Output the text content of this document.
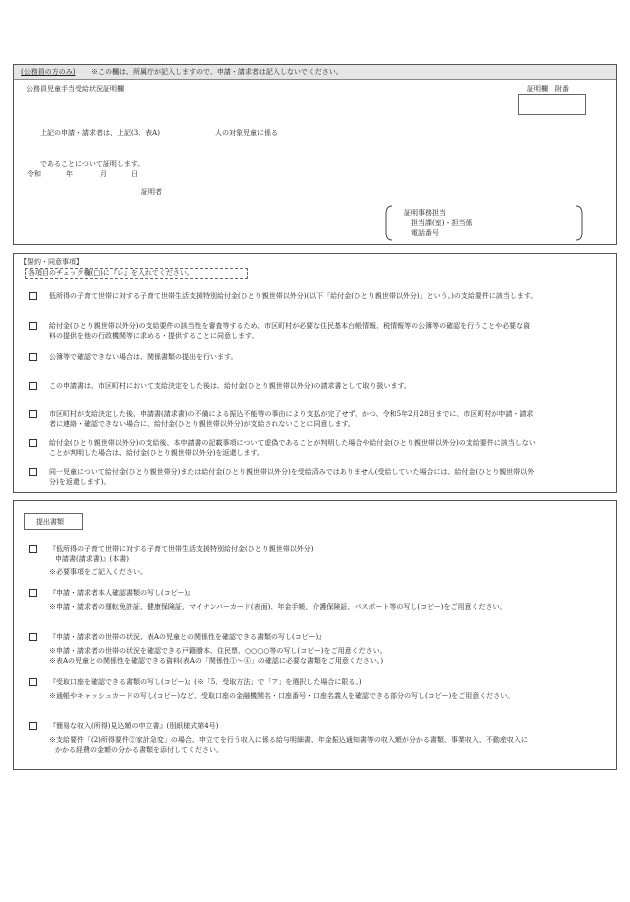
(公務員の方のみ) ※この欄は、所属庁が記入しますので、申請・請求者は記入しないでください。
公務員児童手当受給状況証明欄	証明欄　附番
上記の申請・請求者は、上記(3．表A)	人の対象児童に係る
であることについて証明します。
令和	年	月	日
証明者
証明事務担当
担当課(室)・担当係
電話番号
【誓約・同意事項】
各項目のチェック欄(□)に『レ』を入れてください。
低所得の子育て世帯に対する子育て世帯生活支援特別給付金(ひとり親世帯以外分)(以下「給付金(ひとり親世帯以外分)」という。)の支給要件に該当します。
給付金(ひとり親世帯以外分)の支給要件の該当性を審査等するため、市区町村が必要な住民基本台帳情報、税情報等の公簿等の確認を行うことや必要な資
料の提供を他の行政機関等に求める・提供することに同意します。
公簿等で確認できない場合は、関係書類の提出を行います。
この申請書は、市区町村において支給決定をした後は、給付金(ひとり親世帯以外分)の請求書として取り扱います。
市区町村が支給決定した後、申請書(請求書)の不備による振込不能等の事由により支払が完了せず、かつ、令和5年2月28日までに、市区町村が申請・請求
者に連絡・確認できない場合に、給付金(ひとり親世帯以外分)が支給されないことに同意します。
給付金(ひとり親世帯以外分)の支給後、本申請書の記載事項について虚偽であることが判明した場合や給付金(ひとり親世帯以外分)の支給要件に該当しない
ことが判明した場合は、給付金(ひとり親世帯以外分)を返還します。
同一児童について給付金(ひとり親世帯分)または給付金(ひとり親世帯以外分)を受給済みではありません(受給していた場合には、給付金(ひとり親世帯以外
分)を返還します)。
提出書類
『低所得の子育て世帯に対する子育て世帯生活支援特別給付金(ひとり親世帯以外分)
申請書(請求書)』(本書)
※必要事項をご記入ください。
『申請・請求者本人確認書類の写し(コピー)』
※申請・請求者の運転免許証、健康保険証、マイナンバーカード(表面)、年金手帳、介護保険証、パスポート等の写し(コピー)をご用意ください。
『申請・請求者の世帯の状況、表Aの児童との関係性を確認できる書類の写し(コピー)』
※申請・請求者の世帯の状況を確認できる戸籍謄本、住民票、○○○○等の写し(コピー)をご用意ください。
※表Aの児童との関係性を確認できる資料(表Aの「関係性①～④」の確認に必要な書類をご用意ください。)
『受取口座を確認できる書類の写し(コピー)』(※「5．受取方法」で「ア」を選択した場合に限る。)
※通帳やキャッシュカードの写し(コピー)など、受取口座の金融機関名・口座番号・口座名義人を確認できる部分の写し(コピー)をご用意ください。
『簡易な収入(所得)見込額の申立書』(別紙様式第4号)
※支給要件「(2)所得要件②家計急変」の場合、申立てを行う収入に係る給与明細書、年金振込通知書等の収入額が分かる書類、事業収入、不動産収入に
かかる経費の金額の分かる書類を添付してください。
